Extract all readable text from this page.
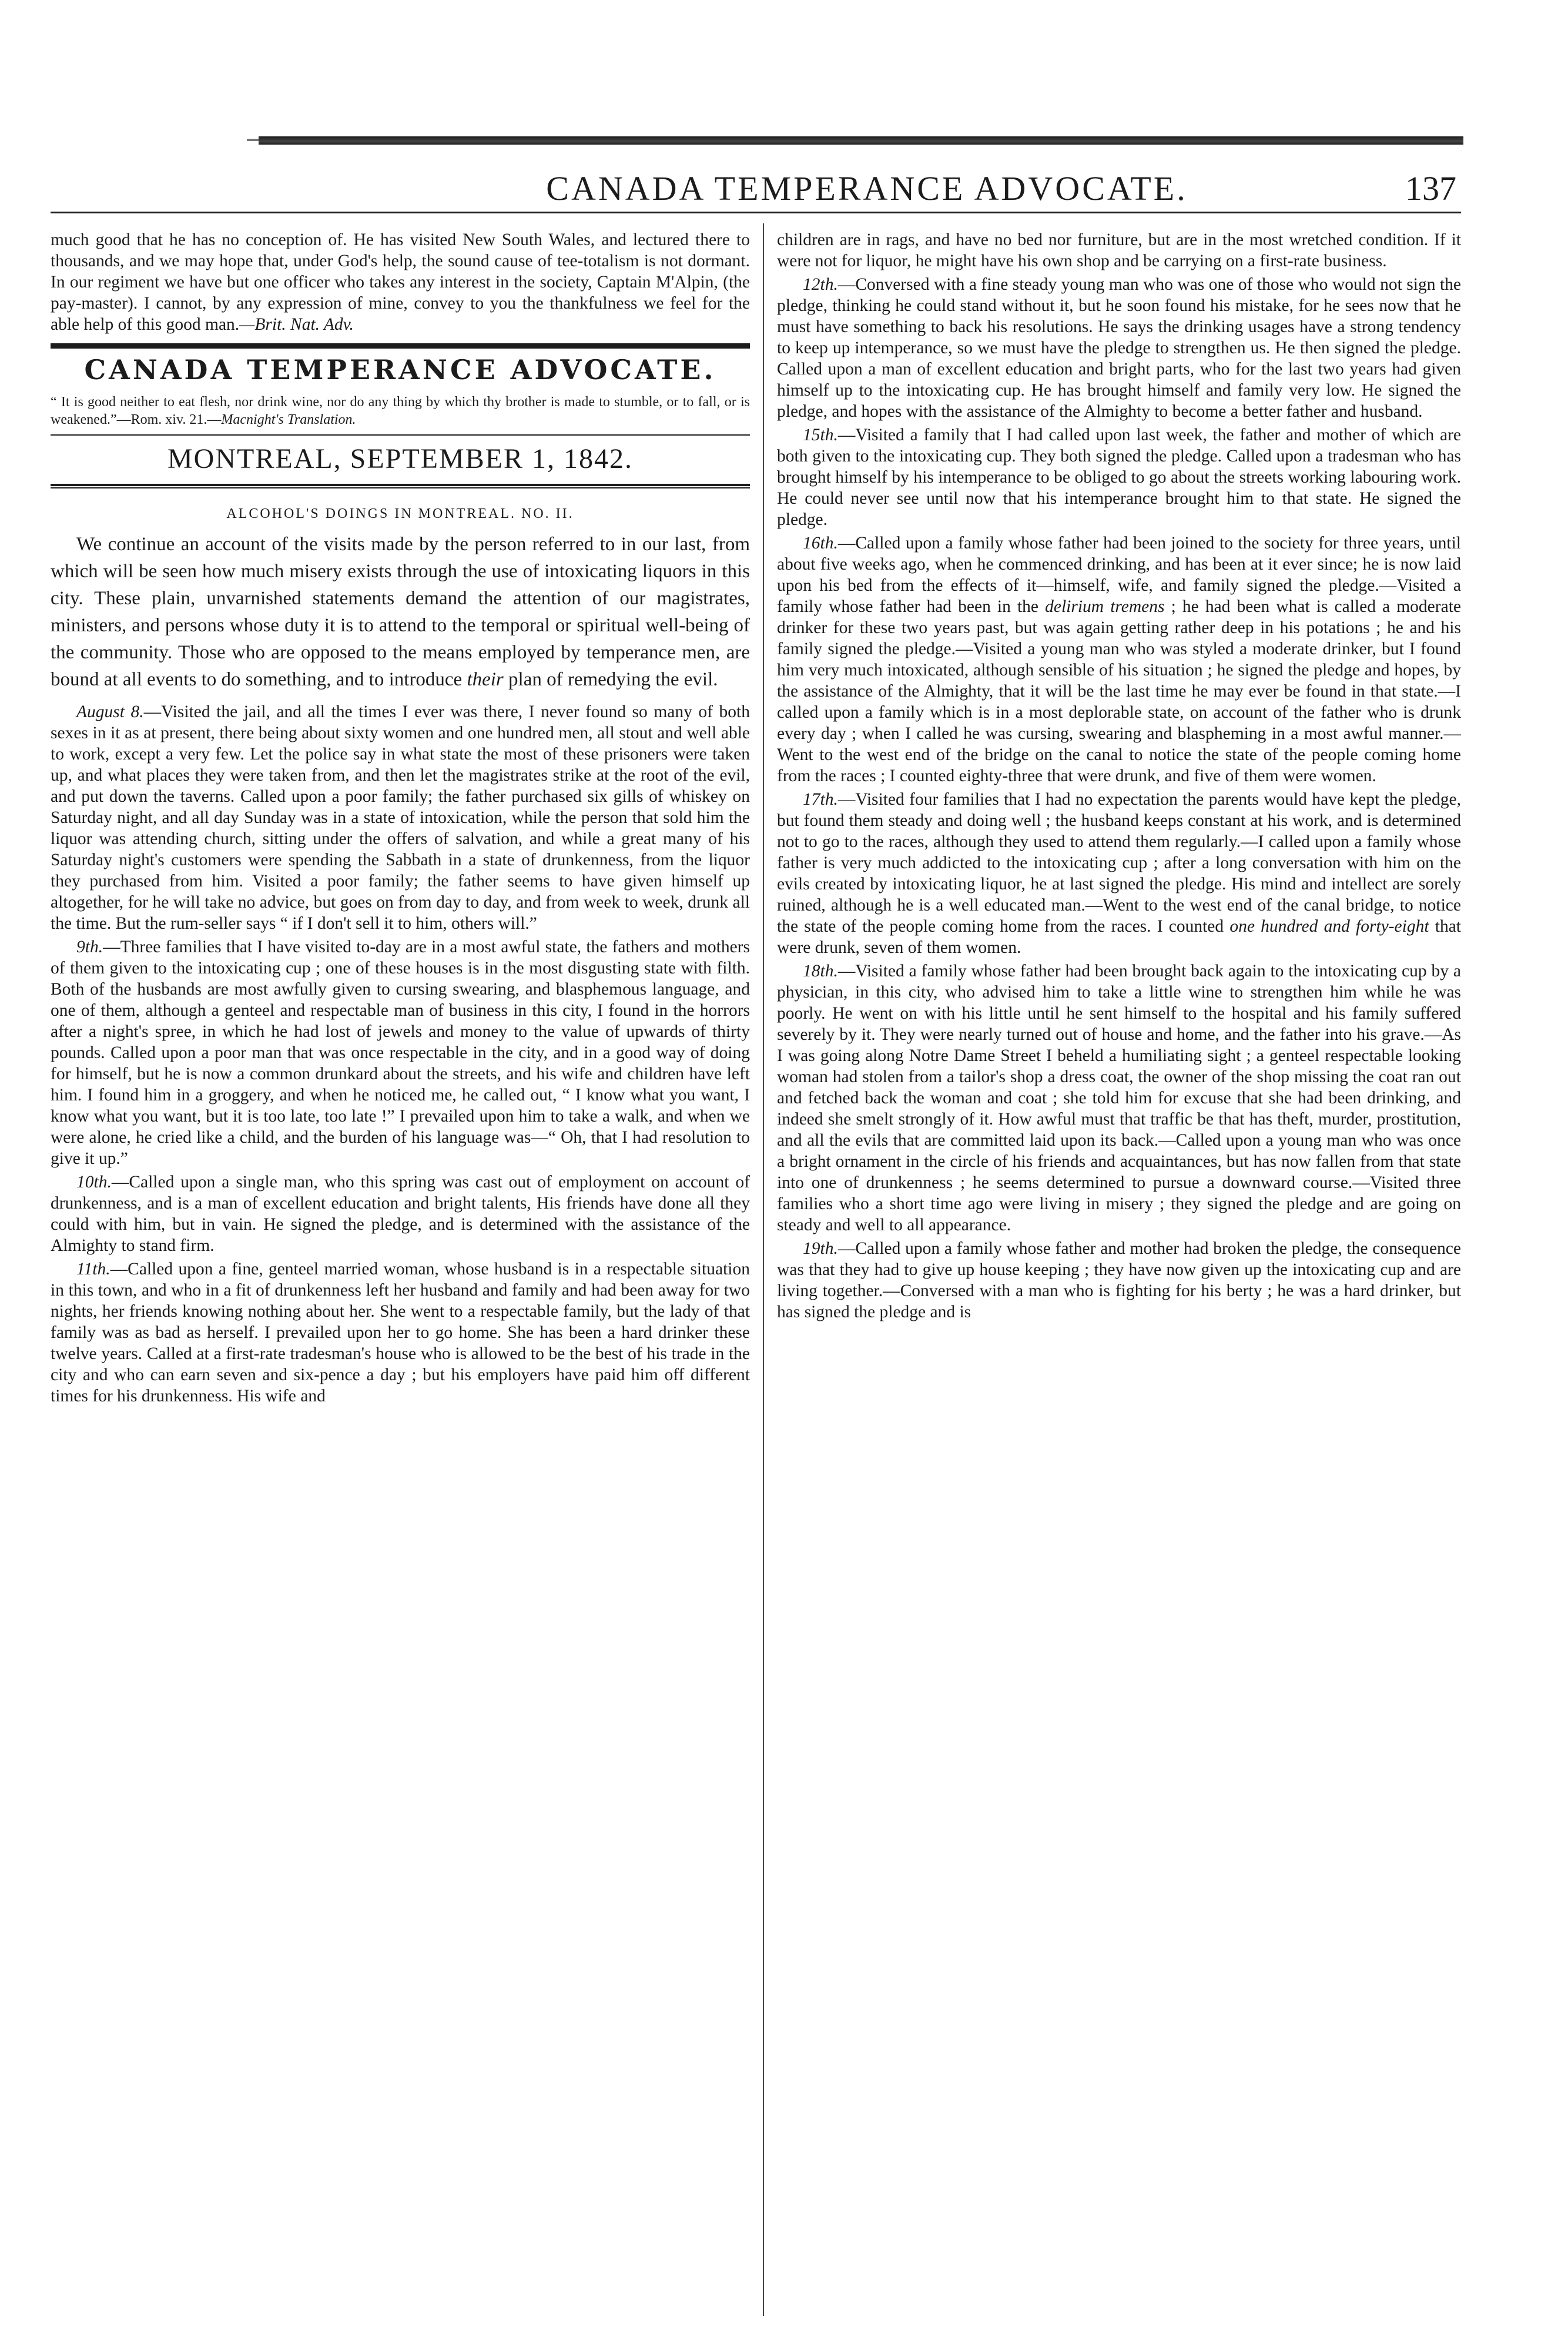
CANADA TEMPERANCE ADVOCATE.	137

much good that he has no conception of. He has visited New South Wales, and lectured there to thousands, and we may hope that, under God's help, the sound cause of tee-totalism is not dormant. In our regiment we have but one officer who takes any interest in the society, Captain M'Alpin, (the pay-master). I cannot, by any expression of mine, convey to you the thankfulness we feel for the able help of this good man.—Brit. Nat. Adv.

CANADA TEMPERANCE ADVOCATE.

“ It is good neither to eat flesh, nor drink wine, nor do any thing by which thy brother is made to stumble, or to fall, or is weakened.”—Rom. xiv. 21.—Macnight's Translation.

MONTREAL, SEPTEMBER 1, 1842.
ALCOHOL'S DOINGS IN MONTREAL. NO. II.

We continue an account of the visits made by the person referred to in our last, from which will be seen how much misery exists through the use of intoxicating liquors in this city. These plain, unvarnished statements demand the attention of our magistrates, ministers, and persons whose duty it is to attend to the temporal or spiritual well-being of the community. Those who are opposed to the means employed by temperance men, are bound at all events to do something, and to introduce their plan of remedying the evil.

August 8.—Visited the jail, and all the times I ever was there, I never found so many of both sexes in it as at present, there being about sixty women and one hundred men, all stout and well able to work, except a very few. Let the police say in what state the most of these prisoners were taken up, and what places they were taken from, and then let the magistrates strike at the root of the evil, and put down the taverns. Called upon a poor family; the father purchased six gills of whiskey on Saturday night, and all day Sunday was in a state of intoxication, while the person that sold him the liquor was attending church, sitting under the offers of salvation, and while a great many of his Saturday night's customers were spending the Sabbath in a state of drunkenness, from the liquor they purchased from him. Visited a poor family; the father seems to have given himself up altogether, for he will take no advice, but goes on from day to day, and from week to week, drunk all the time. But the rum-seller says “ if I don't sell it to him, others will.”

9th.—Three families that I have visited to-day are in a most awful state, the fathers and mothers of them given to the intoxicating cup ; one of these houses is in the most disgusting state with filth. Both of the husbands are most awfully given to cursing swearing, and blasphemous language, and one of them, although a genteel and respectable man of business in this city, I found in the horrors after a night's spree, in which he had lost of jewels and money to the value of upwards of thirty pounds. Called upon a poor man that was once respectable in the city, and in a good way of doing for himself, but he is now a common drunkard about the streets, and his wife and children have left him. I found him in a groggery, and when he noticed me, he called out, “ I know what you want, I know what you want, but it is too late, too late !” I prevailed upon him to take a walk, and when we were alone, he cried like a child, and the burden of his language was—“ Oh, that I had resolution to give it up.”

10th.—Called upon a single man, who this spring was cast out of employment on account of drunkenness, and is a man of excellent education and bright talents, His friends have done all they could with him, but in vain. He signed the pledge, and is determined with the assistance of the Almighty to stand firm.

11th.—Called upon a fine, genteel married woman, whose husband is in a respectable situation in this town, and who in a fit of drunkenness left her husband and family and had been away for two nights, her friends knowing nothing about her. She went to a respectable family, but the lady of that family was as bad as herself. I prevailed upon her to go home. She has been a hard drinker these twelve years. Called at a first-rate tradesman's house who is allowed to be the best of his trade in the city and who can earn seven and six-pence a day ; but his employers have paid him off different times for his drunkenness. His wife and

children are in rags, and have no bed nor furniture, but are in the most wretched condition. If it were not for liquor, he might have his own shop and be carrying on a first-rate business.

12th.—Conversed with a fine steady young man who was one of those who would not sign the pledge, thinking he could stand without it, but he soon found his mistake, for he sees now that he must have something to back his resolutions. He says the drinking usages have a strong tendency to keep up intemperance, so we must have the pledge to strengthen us. He then signed the pledge. Called upon a man of excellent education and bright parts, who for the last two years had given himself up to the intoxicating cup. He has brought himself and family very low. He signed the pledge, and hopes with the assistance of the Almighty to become a better father and husband.

15th.—Visited a family that I had called upon last week, the father and mother of which are both given to the intoxicating cup. They both signed the pledge. Called upon a tradesman who has brought himself by his intemperance to be obliged to go about the streets working labouring work. He could never see until now that his intemperance brought him to that state. He signed the pledge.

16th.—Called upon a family whose father had been joined to the society for three years, until about five weeks ago, when he commenced drinking, and has been at it ever since; he is now laid upon his bed from the effects of it—himself, wife, and family signed the pledge.—Visited a family whose father had been in the delirium tremens ; he had been what is called a moderate drinker for these two years past, but was again getting rather deep in his potations ; he and his family signed the pledge.—Visited a young man who was styled a moderate drinker, but I found him very much intoxicated, although sensible of his situation ; he signed the pledge and hopes, by the assistance of the Almighty, that it will be the last time he may ever be found in that state.—I called upon a family which is in a most deplorable state, on account of the father who is drunk every day ; when I called he was cursing, swearing and blaspheming in a most awful manner.—Went to the west end of the bridge on the canal to notice the state of the people coming home from the races ; I counted eighty-three that were drunk, and five of them were women.

17th.—Visited four families that I had no expectation the parents would have kept the pledge, but found them steady and doing well ; the husband keeps constant at his work, and is determined not to go to the races, although they used to attend them regularly.—I called upon a family whose father is very much addicted to the intoxicating cup ; after a long conversation with him on the evils created by intoxicating liquor, he at last signed the pledge. His mind and intellect are sorely ruined, although he is a well educated man.—Went to the west end of the canal bridge, to notice the state of the people coming home from the races. I counted one hundred and forty-eight that were drunk, seven of them women.

18th.—Visited a family whose father had been brought back again to the intoxicating cup by a physician, in this city, who advised him to take a little wine to strengthen him while he was poorly. He went on with his little until he sent himself to the hospital and his family suffered severely by it. They were nearly turned out of house and home, and the father into his grave.—As I was going along Notre Dame Street I beheld a humiliating sight ; a genteel respectable looking woman had stolen from a tailor's shop a dress coat, the owner of the shop missing the coat ran out and fetched back the woman and coat ; she told him for excuse that she had been drinking, and indeed she smelt strongly of it. How awful must that traffic be that has theft, murder, prostitution, and all the evils that are committed laid upon its back.—Called upon a young man who was once a bright ornament in the circle of his friends and acquaintances, but has now fallen from that state into one of drunkenness ; he seems determined to pursue a downward course.—Visited three families who a short time ago were living in misery ; they signed the pledge and are going on steady and well to all appearance.

19th.—Called upon a family whose father and mother had broken the pledge, the consequence was that they had to give up house keeping ; they have now given up the intoxicating cup and are living together.—Conversed with a man who is fighting for his berty ; he was a hard drinker, but has signed the pledge and is
